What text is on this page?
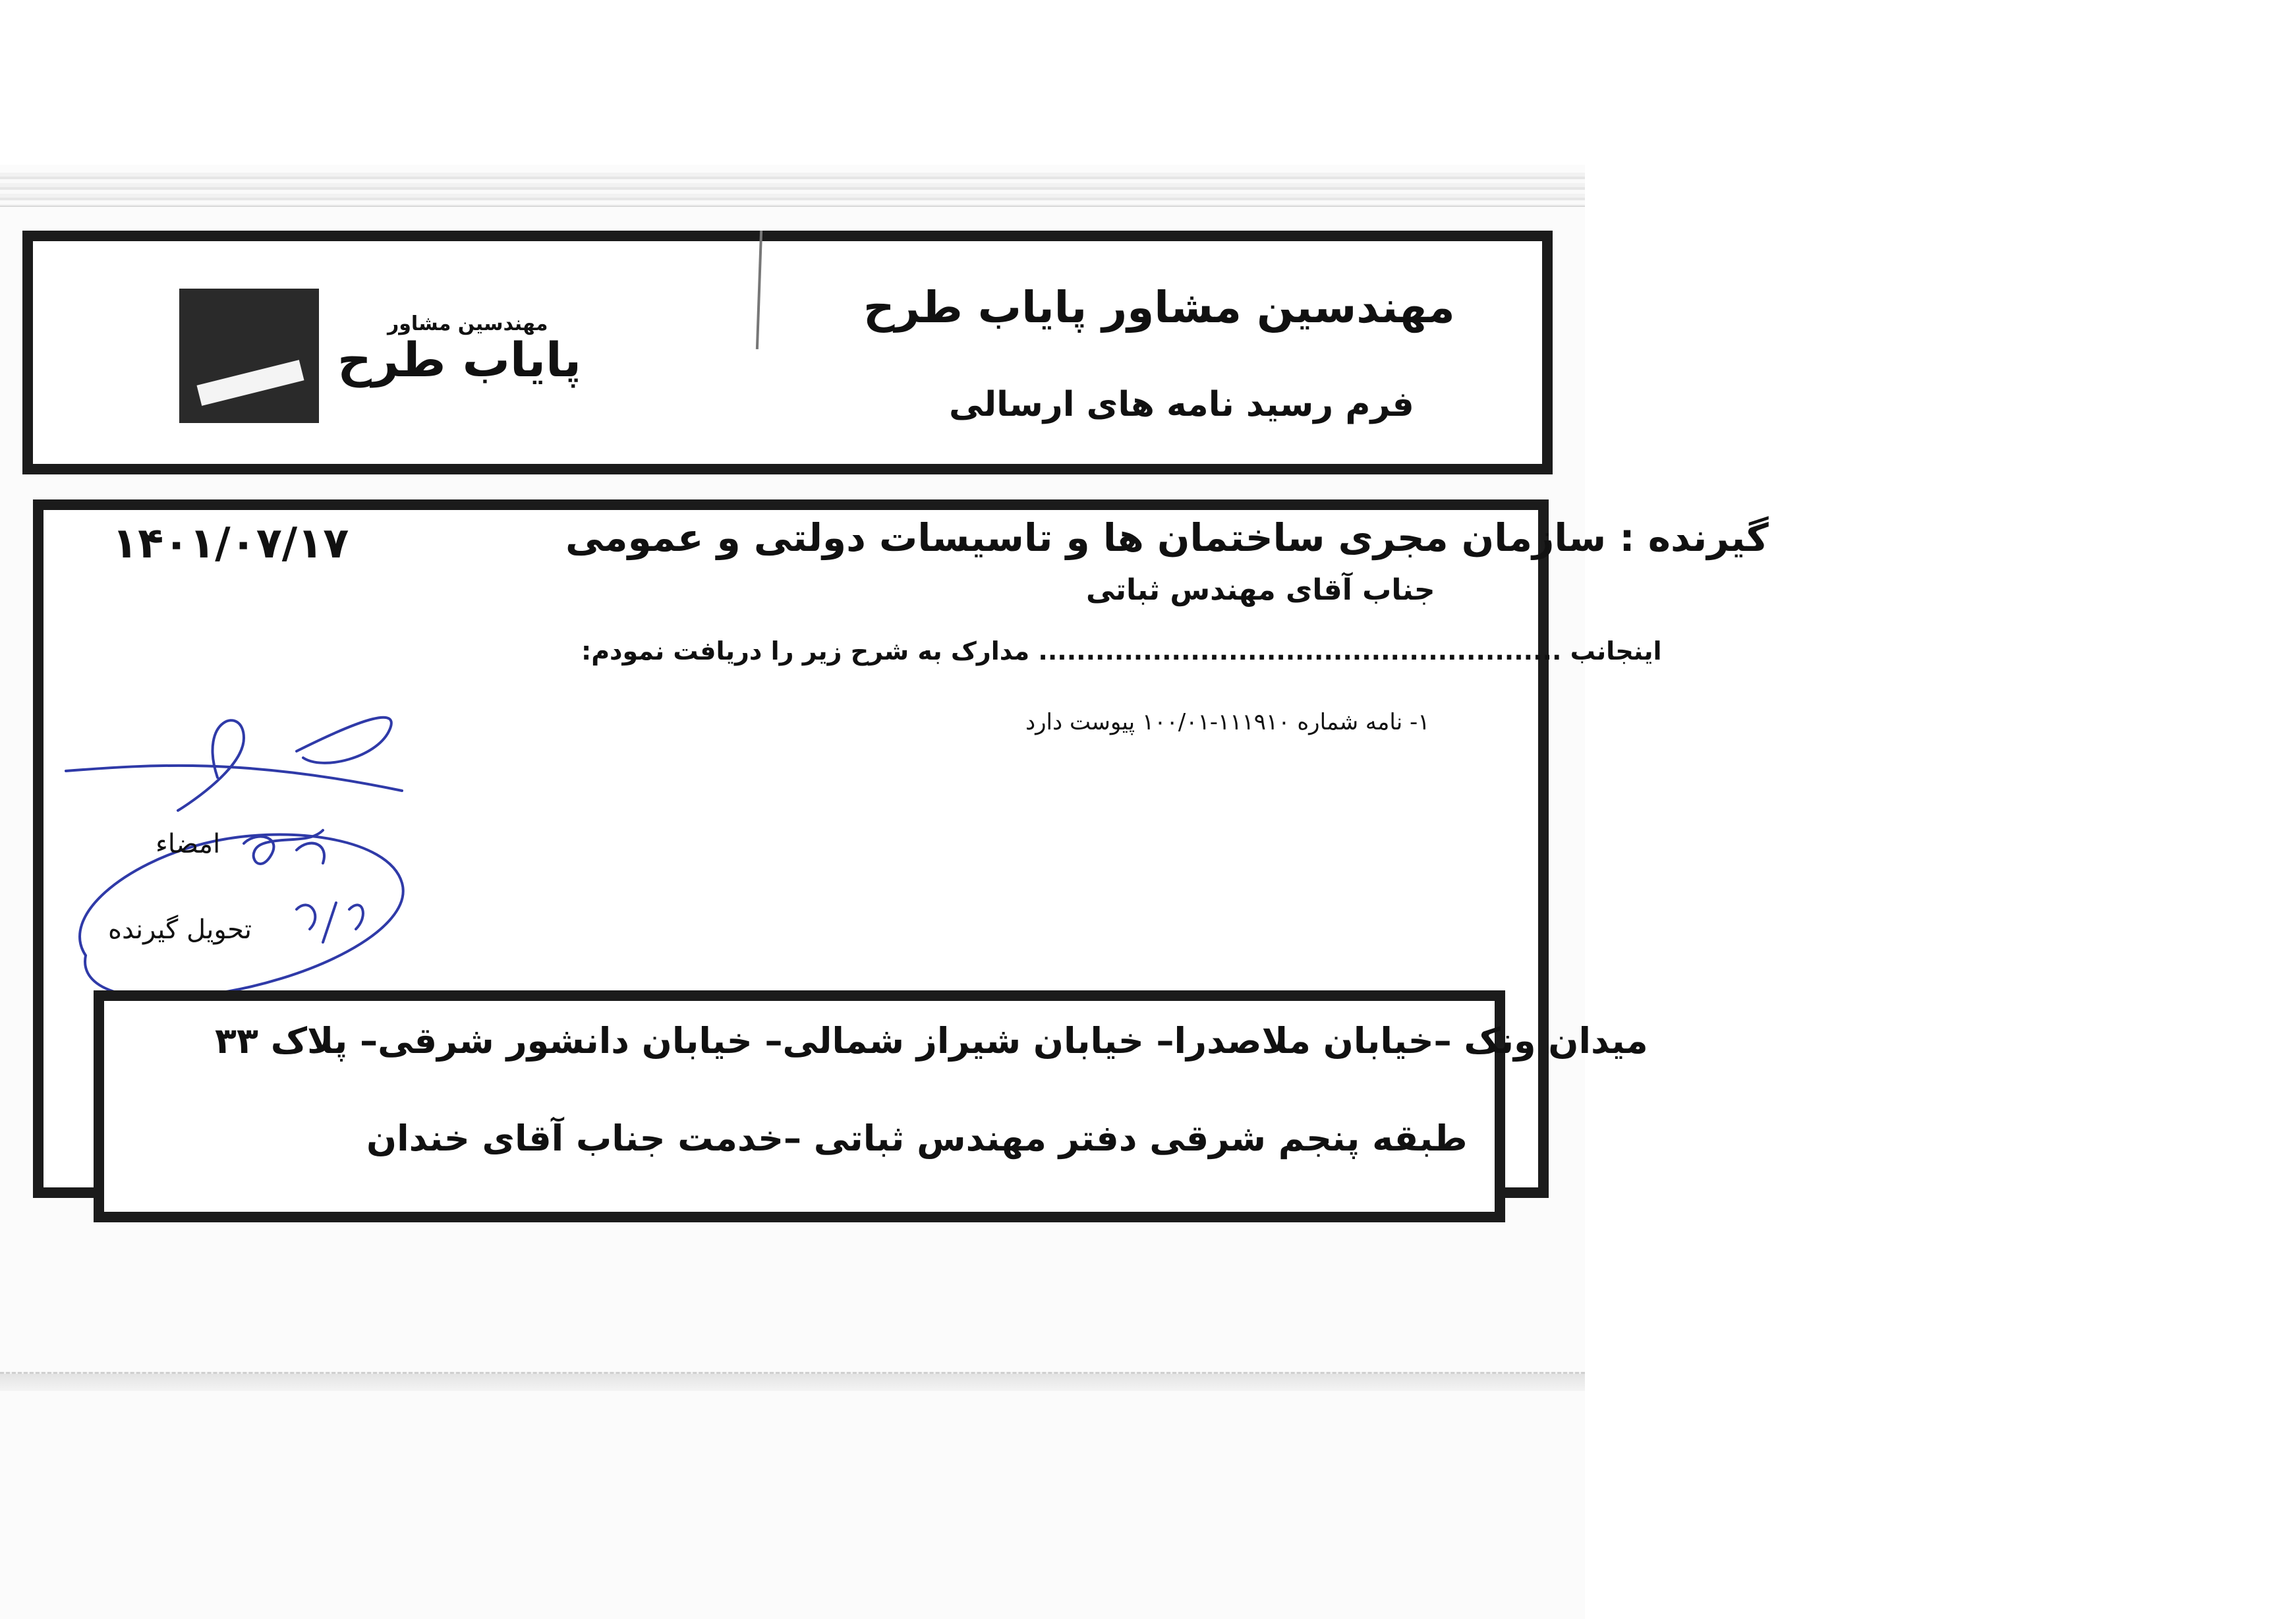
مهندسین مشاور
پایاب طرح
مهندسین مشاور پایاب طرح
فرم رسید نامه های ارسالی
۱۴۰۱/۰۷/۱۷	گیرنده : سازمان مجری ساختمان ها و تاسیسات دولتی و عمومی
جناب آقای مهندس ثباتی
اینجانب ....................................................... مدارک به شرح زیر را دریافت نمودم:
۱- نامه شماره ۱۱۱۹۱۰-۱۰۰/۰۱ پیوست دارد
امضاء
تحویل گیرنده
میدان ونک –خیابان ملاصدرا– خیابان شیراز شمالی– خیابان دانشور شرقی– پلاک ۳۳
طبقه پنجم شرقی دفتر مهندس ثباتی –خدمت جناب آقای خندان
